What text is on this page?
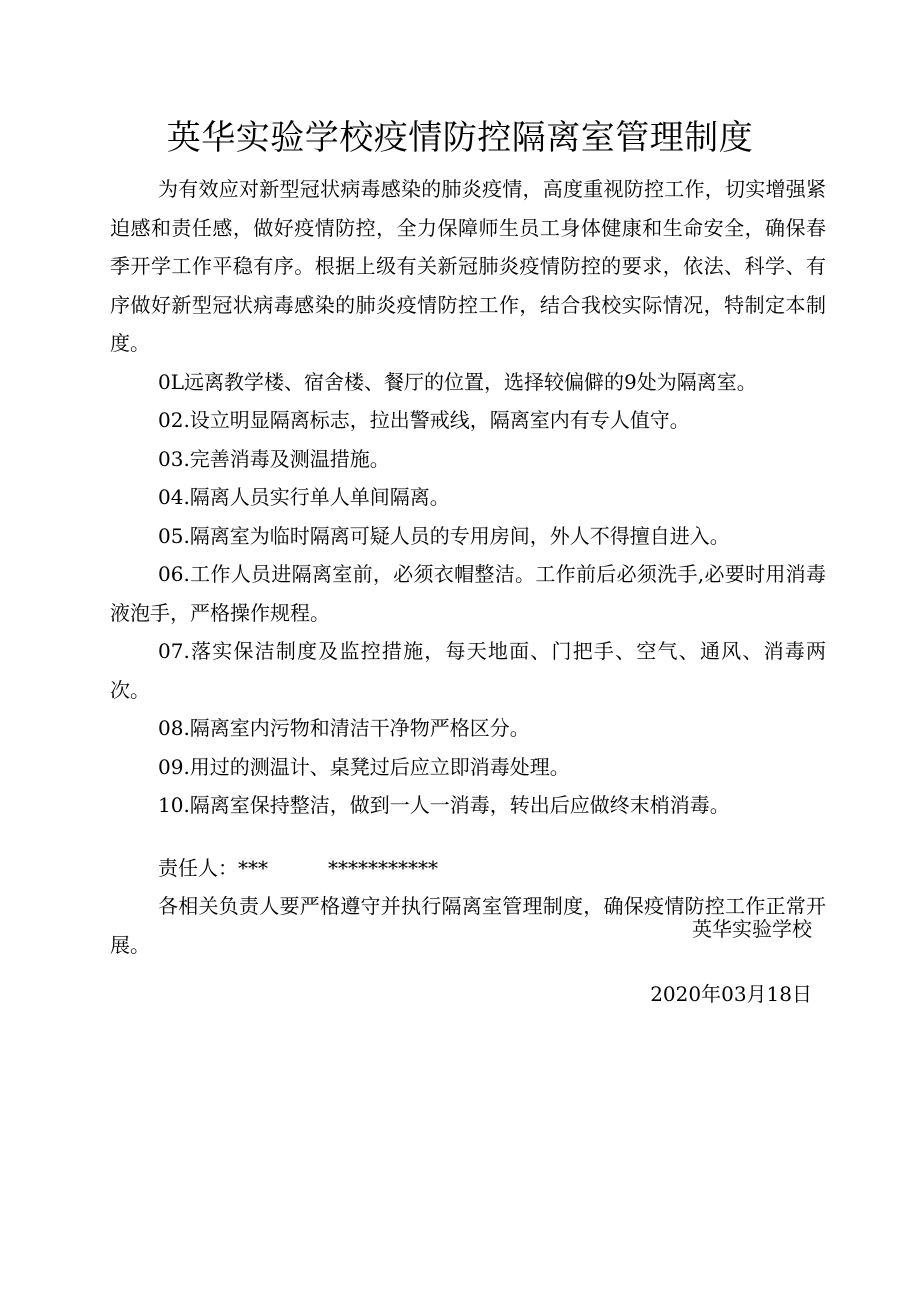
英华实验学校疫情防控隔离室管理制度

为有效应对新型冠状病毒感染的肺炎疫情，高度重视防控工作，切实增强紧迫感和责任感，做好疫情防控，全力保障师生员工身体健康和生命安全，确保春季开学工作平稳有序。根据上级有关新冠肺炎疫情防控的要求，依法、科学、有序做好新型冠状病毒感染的肺炎疫情防控工作，结合我校实际情况，特制定本制度。

0L远离教学楼、宿舍楼、餐厅的位置，选择较偏僻的9处为隔离室。

02.设立明显隔离标志，拉出警戒线，隔离室内有专人值守。

03.完善消毒及测温措施。

04.隔离人员实行单人单间隔离。

05.隔离室为临时隔离可疑人员的专用房间，外人不得擅自进入。

06.工作人员进隔离室前，必须衣帽整洁。工作前后必须洗手,必要时用消毒液泡手，严格操作规程。

07.落实保洁制度及监控措施，每天地面、门把手、空气、通风、消毒两次。

08.隔离室内污物和清洁干净物严格区分。

09.用过的测温计、桌凳过后应立即消毒处理。

10.隔离室保持整洁，做到一人一消毒，转出后应做终末梢消毒。

责任人：***	***********

各相关负责人要严格遵守并执行隔离室管理制度，确保疫情防控工作正常开展。

英华实验学校
2020年03月18日
